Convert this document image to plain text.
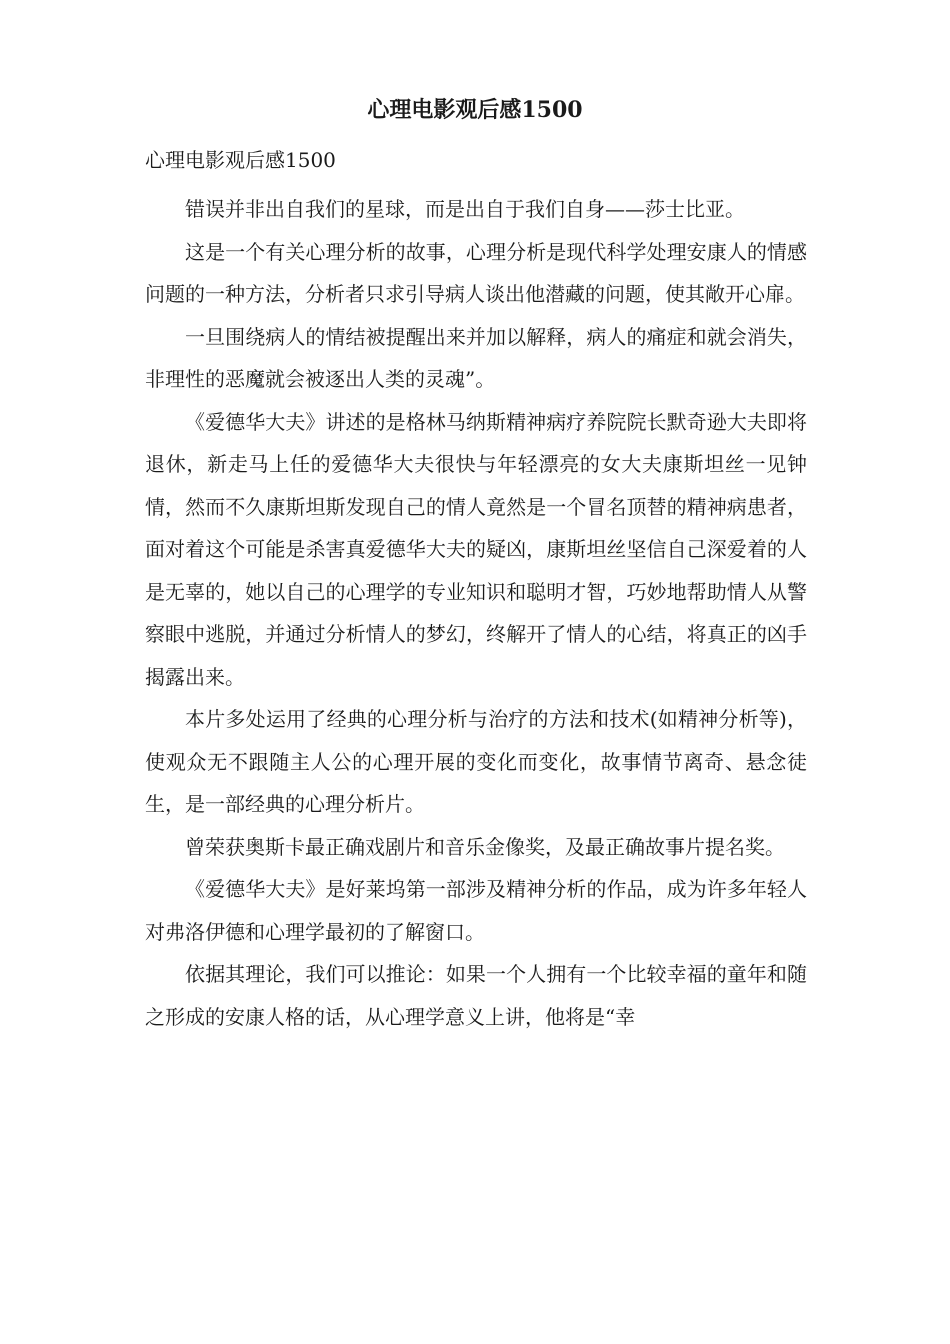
心理电影观后感1500

心理电影观后感1500

错误并非出自我们的星球，而是出自于我们自身——莎士比亚。

这是一个有关心理分析的故事，心理分析是现代科学处理安康人的情感问题的一种方法，分析者只求引导病人谈出他潜藏的问题，使其敞开心扉。

一旦围绕病人的情结被提醒出来并加以解释，病人的痛症和就会消失，非理性的恶魔就会被逐出人类的灵魂”。

《爱德华大夫》讲述的是格林马纳斯精神病疗养院院长默奇逊大夫即将退休，新走马上任的爱德华大夫很快与年轻漂亮的女大夫康斯坦丝一见钟情，然而不久康斯坦斯发现自己的情人竟然是一个冒名顶替的精神病患者，面对着这个可能是杀害真爱德华大夫的疑凶，康斯坦丝坚信自己深爱着的人是无辜的，她以自己的心理学的专业知识和聪明才智，巧妙地帮助情人从警察眼中逃脱，并通过分析情人的梦幻，终解开了情人的心结，将真正的凶手揭露出来。

本片多处运用了经典的心理分析与治疗的方法和技术(如精神分析等)，使观众无不跟随主人公的心理开展的变化而变化，故事情节离奇、悬念徒生，是一部经典的心理分析片。

曾荣获奥斯卡最正确戏剧片和音乐金像奖，及最正确故事片提名奖。

《爱德华大夫》是好莱坞第一部涉及精神分析的作品，成为许多年轻人对弗洛伊德和心理学最初的了解窗口。

依据其理论，我们可以推论：如果一个人拥有一个比较幸福的童年和随之形成的安康人格的话，从心理学意义上讲，他将是“幸
